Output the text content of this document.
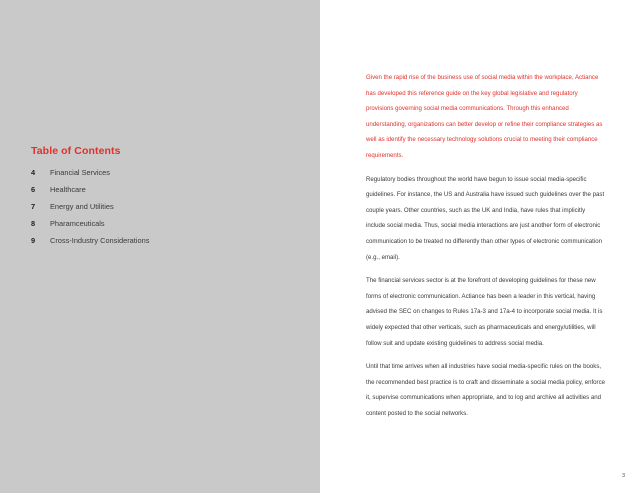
Table of Contents
4	Financial Services
6	Healthcare
7	Energy and Utilities
8	Pharamceuticals
9	Cross-Industry Considerations

Given the rapid rise of the business use of social media within the workplace, Actiance has developed this reference guide on the key global legislative and regulatory provisions governing social media communications. Through this enhanced understanding, organizations can better develop or refine their compliance strategies as well as identify the necessary technology solutions crucial to meeting their compliance requirements.

Regulatory bodies throughout the world have begun to issue social media-specific guidelines. For instance, the US and Australia have issued such guidelines over the past couple years. Other countries, such as the UK and India, have rules that implicitly include social media. Thus, social media interactions are just another form of electronic communication to be treated no differently than other types of electronic communication (e.g., email).

The financial services sector is at the forefront of developing guidelines for these new forms of electronic communication. Actiance has been a leader in this vertical, having advised the SEC on changes to Rules 17a-3 and 17a-4 to incorporate social media. It is widely expected that other verticals, such as pharmaceuticals and energy/utilities, will follow suit and update existing guidelines to address social media.

Until that time arrives when all industries have social media-specific rules on the books, the recommended best practice is to craft and disseminate a social media policy, enforce it, supervise communications when appropriate, and to log and archive all activities and content posted to the social networks.

3
